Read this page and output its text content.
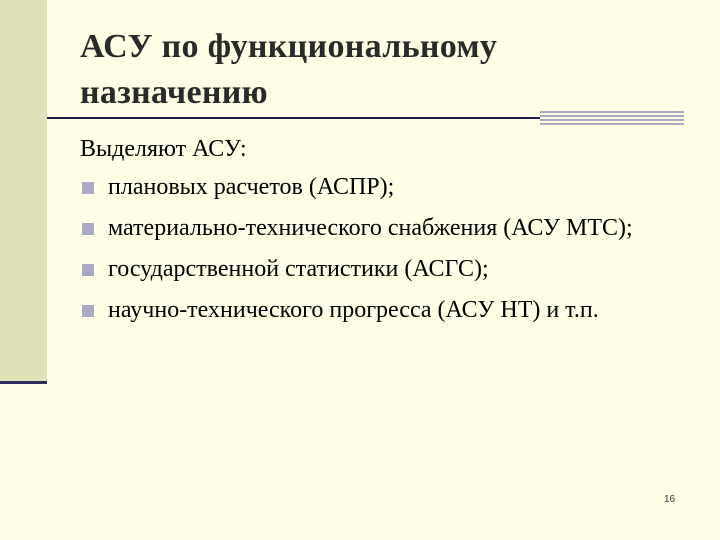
АСУ по функциональному
назначению
Выделяют АСУ:
плановых расчетов (АСПР);
материально-технического снабжения (АСУ МТС);
государственной статистики (АСГС);
научно-технического прогресса (АСУ НТ) и т.п.
16
